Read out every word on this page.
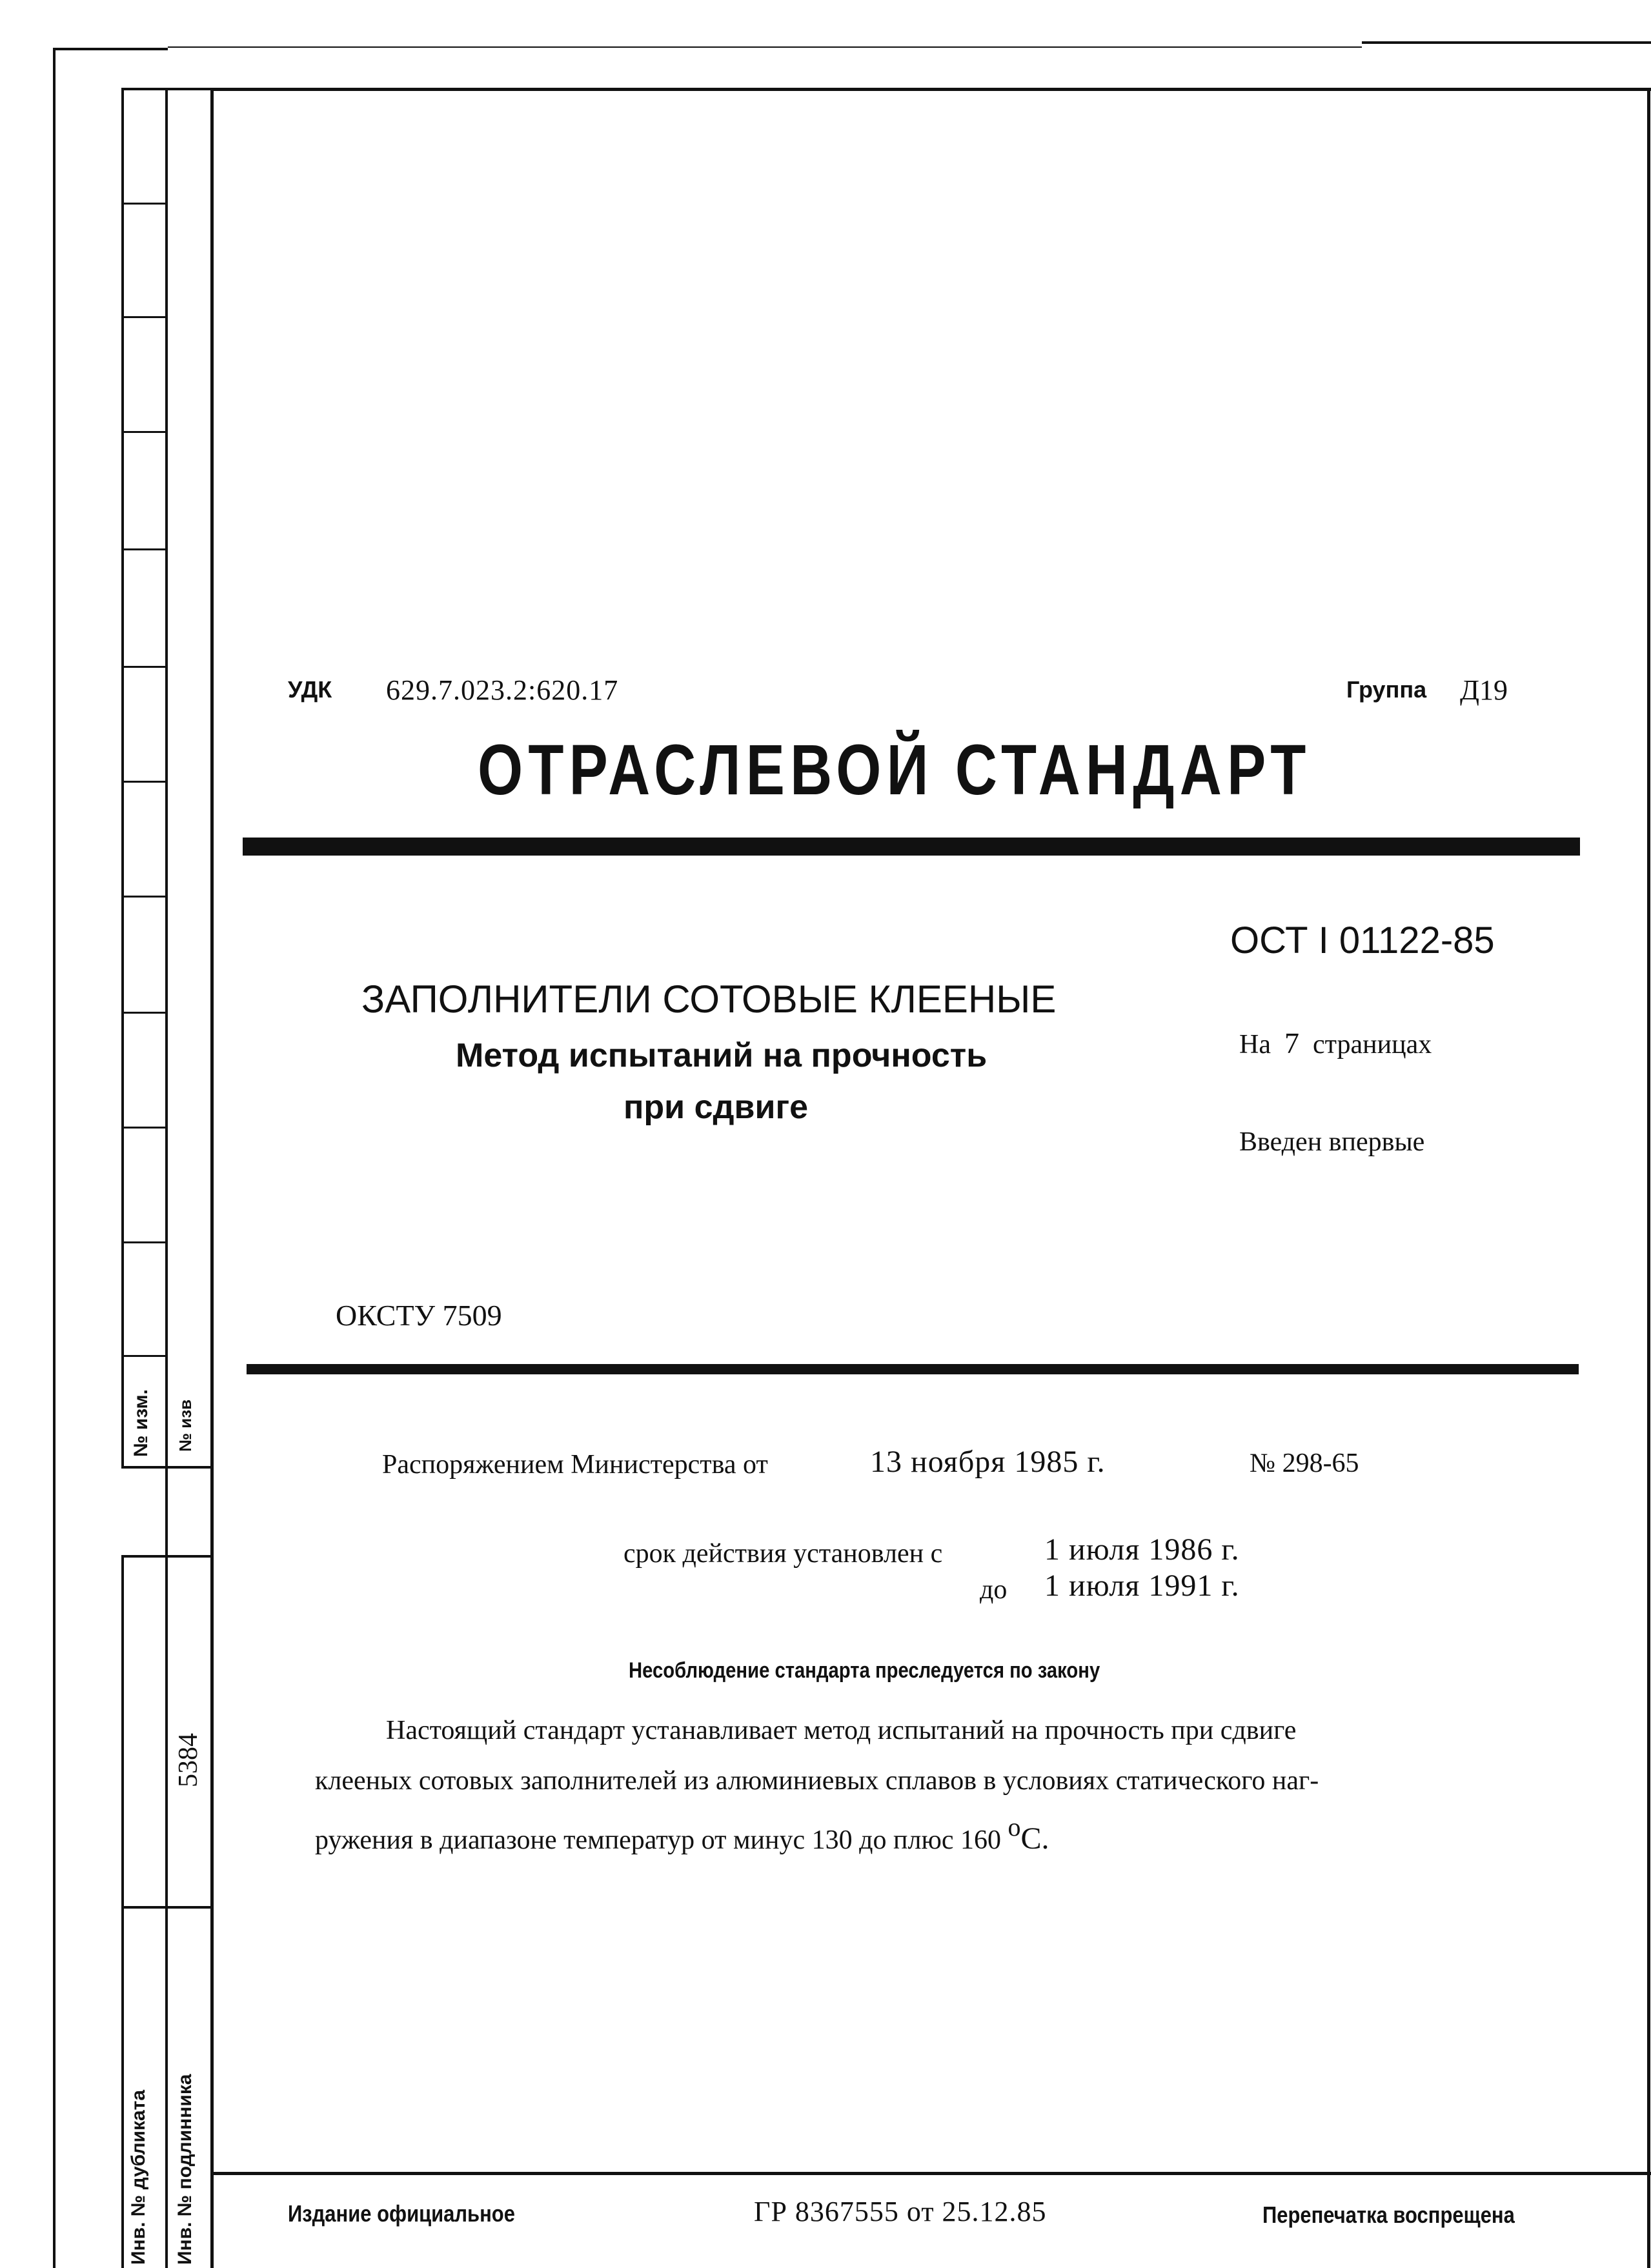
№ изм. № изв
5384
Инв. № дубликата Инв. № подлинника
УДК 629.7.023.2:620.17	Группа Д19
ОТРАСЛЕВОЙ СТАНДАРТ
ОСТ I 01122-85
ЗАПОЛНИТЕЛИ СОТОВЫЕ КЛЕЕНЫЕ
Метод испытаний на прочность
при сдвиге
На 7 страницах
Введен впервые
ОКСТУ 7509
Распоряжением Министерства от	13 ноября 1985 г.	№ 298-65
срок действия установлен с	1 июля 1986 г.
до 1 июля 1991 г.
Несоблюдение стандарта преследуется по закону
Настоящий стандарт устанавливает метод испытаний на прочность при сдвиге
клееных сотовых заполнителей из алюминиевых сплавов в условиях статического наг-
ружения в диапазоне температур от минус 130 до плюс 160 $^о$С.
Издание официальное	ГР 8367555 от 25.12.85	Перепечатка воспрещена
